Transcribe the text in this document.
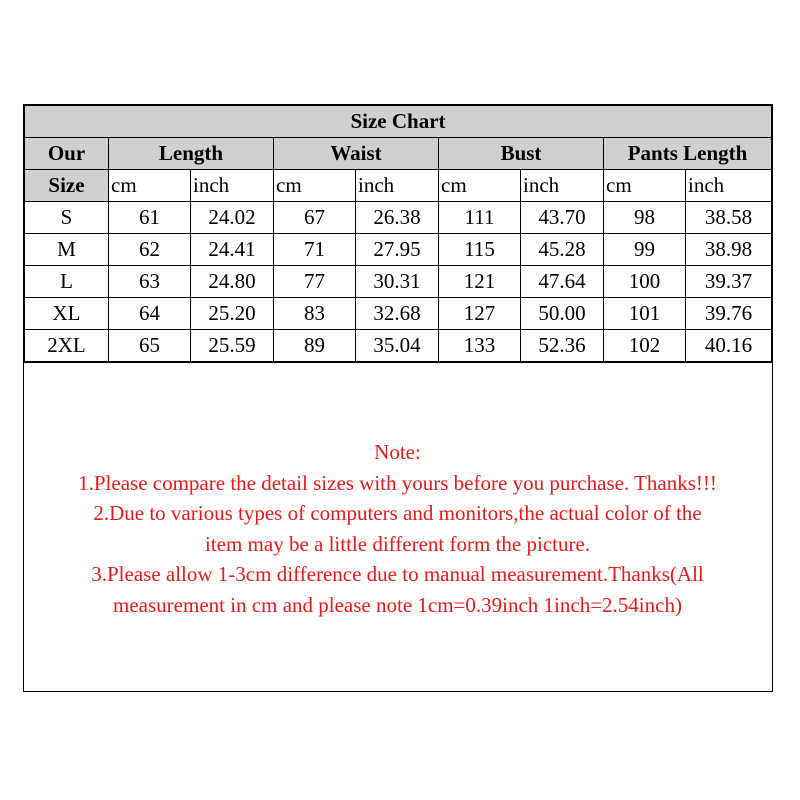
Size Chart								
Our	Length		Waist		Bust		Pants Length	
Size	cm	inch	cm	inch	cm	inch	cm	inch
S	61	24.02	67	26.38	111	43.70	98	38.58
M	62	24.41	71	27.95	115	45.28	99	38.98
L	63	24.80	77	30.31	121	47.64	100	39.37
XL	64	25.20	83	32.68	127	50.00	101	39.76
2XL	65	25.59	89	35.04	133	52.36	102	40.16
Note:
1.Please compare the detail sizes with yours before you purchase. Thanks!!!
2.Due to various types of computers and monitors,the actual color of the
item may be a little different form the picture.
3.Please allow 1-3cm difference due to manual measurement.Thanks(All
measurement in cm and please note 1cm=0.39inch 1inch=2.54inch)
